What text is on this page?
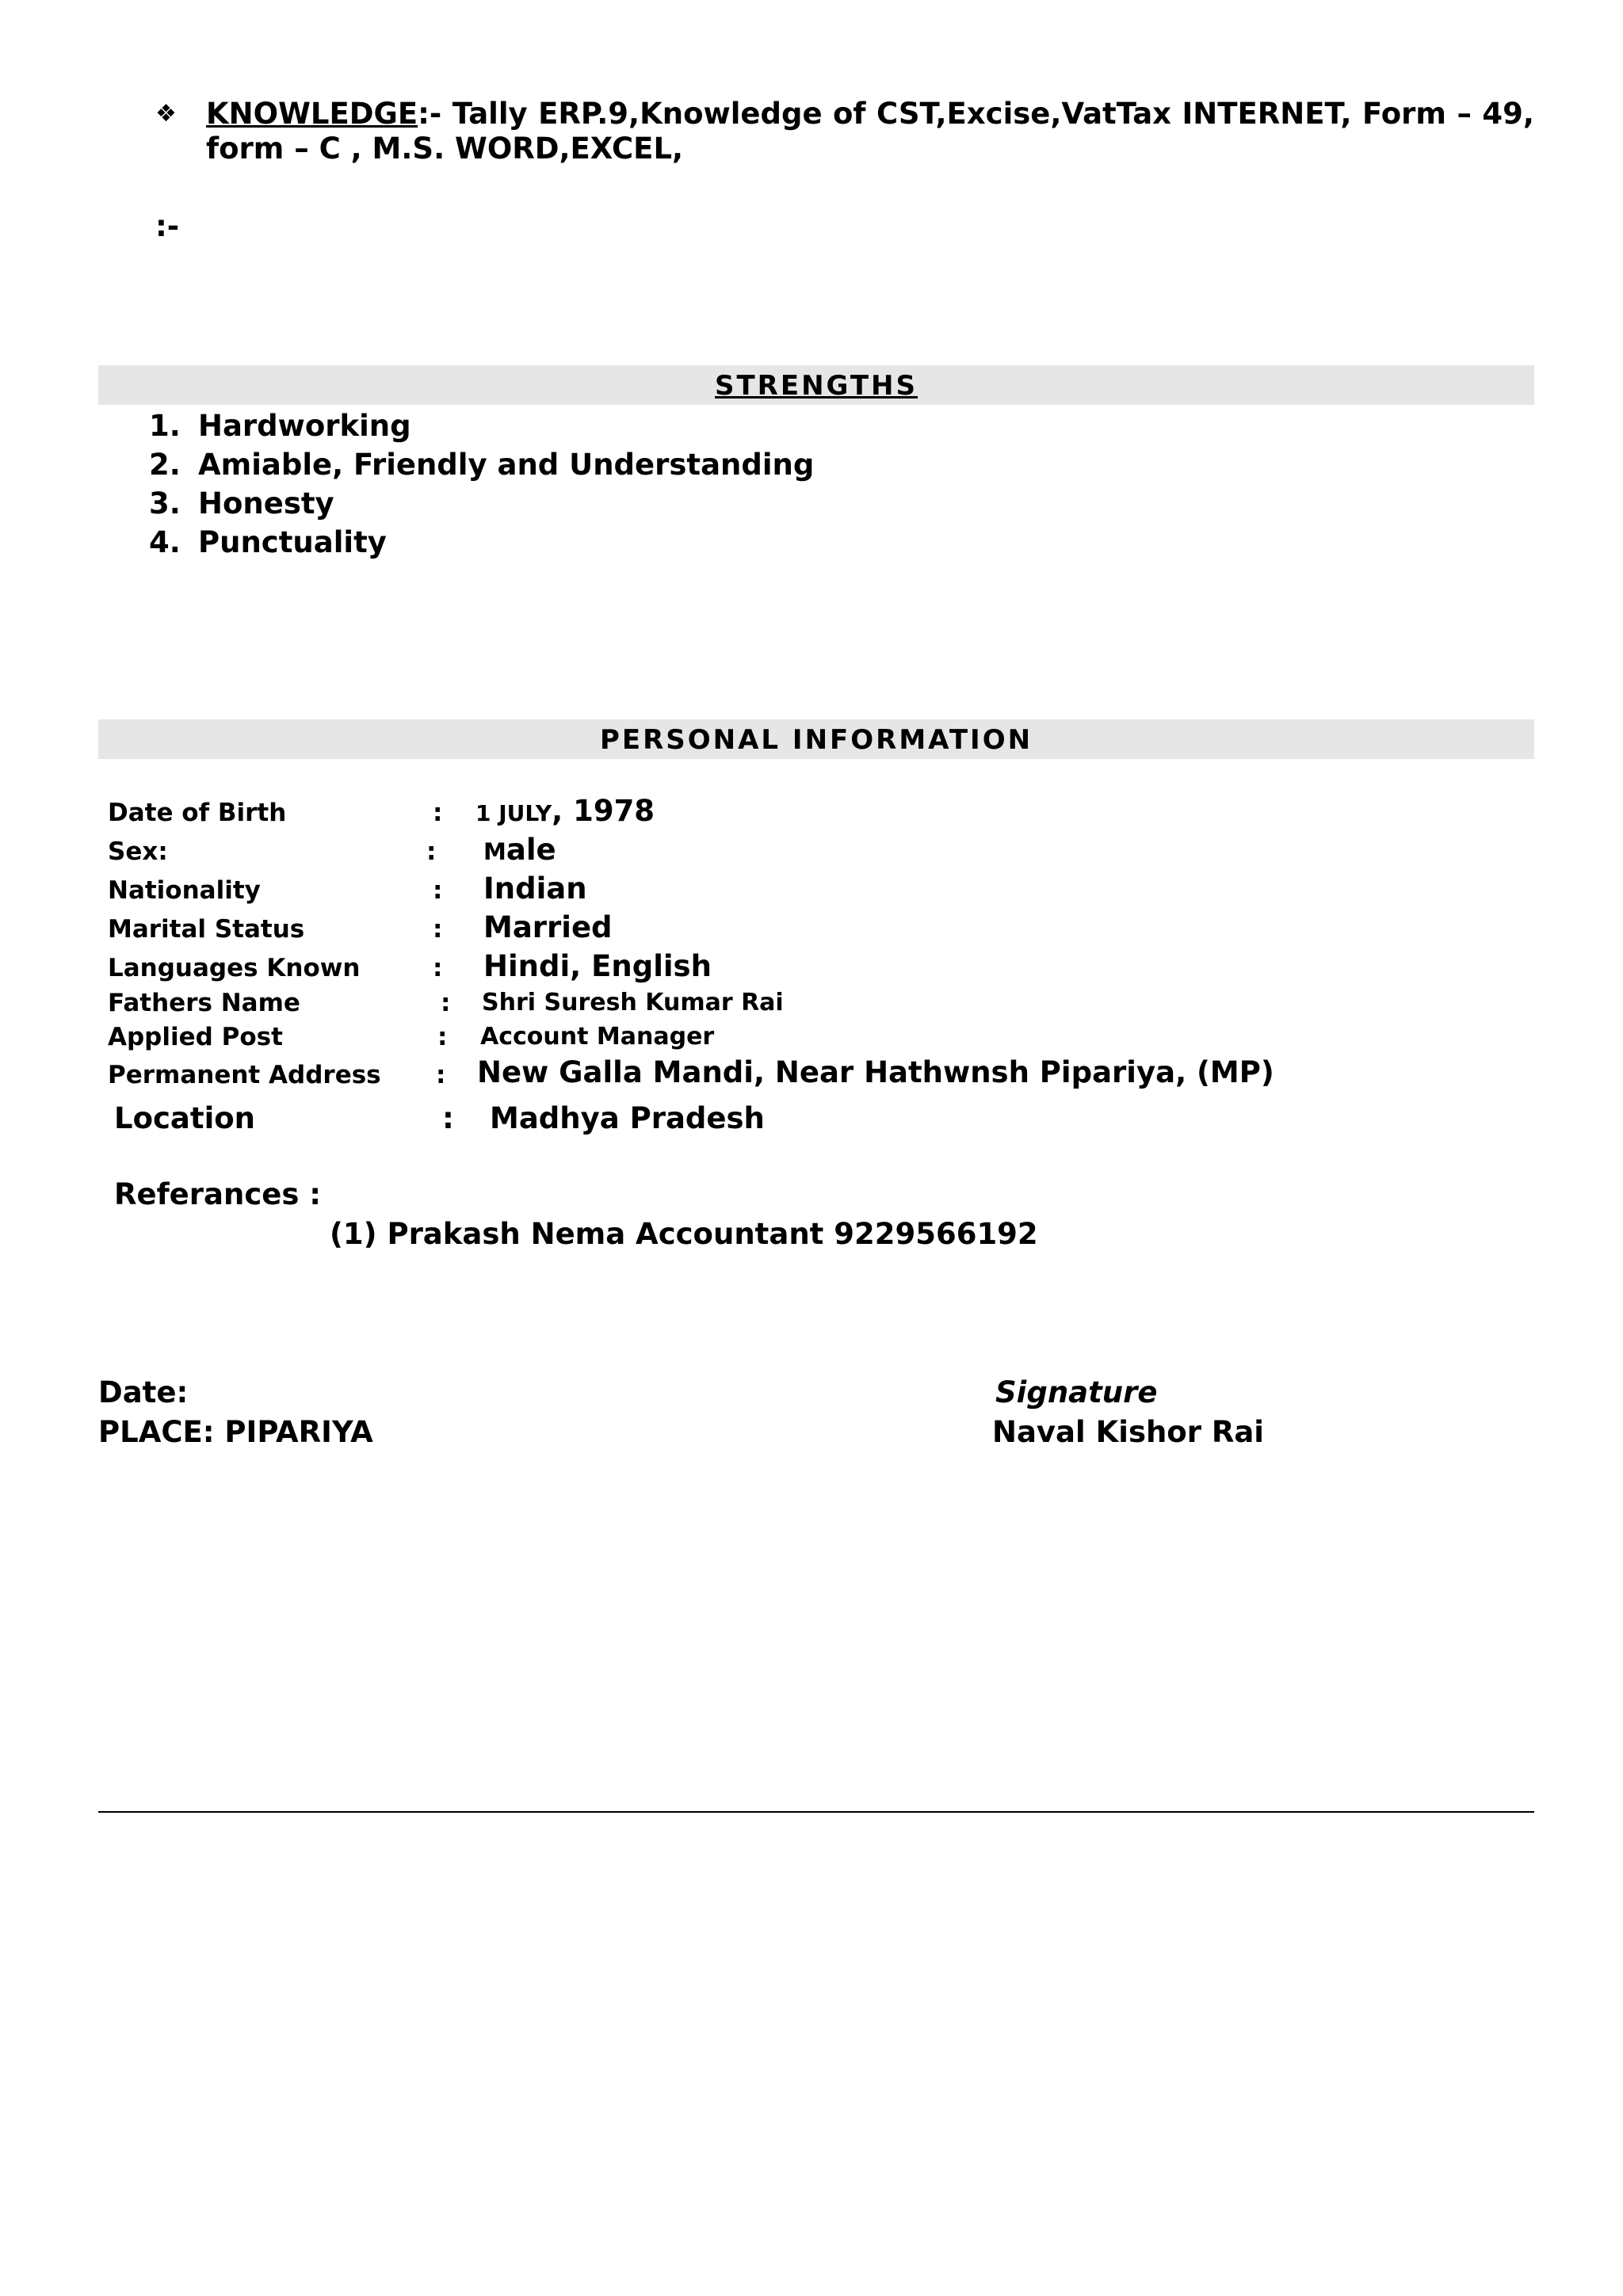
❖ KNOWLEDGE:- Tally ERP.9,Knowledge of CST,Excise,VatTax INTERNET, Form – 49,
form – C , M.S. WORD,EXCEL,
:-
STRENGTHS
1. Hardworking
2. Amiable, Friendly and Understanding
3. Honesty
4. Punctuality
PERSONAL INFORMATION
Date of Birth	: 1 JULY, 1978
Sex:	: Male
Nationality	: Indian
Marital Status	: Married
Languages Known	: Hindi, English
Fathers Name	: Shri Suresh Kumar Rai
Applied Post	: Account Manager
Permanent Address : New Galla Mandi, Near Hathwnsh Pipariya, (MP)
Location	: Madhya Pradesh
Referances :
(1) Prakash Nema Accountant 9229566192
Date:
PLACE: PIPARIYA
Signature
Naval Kishor Rai
